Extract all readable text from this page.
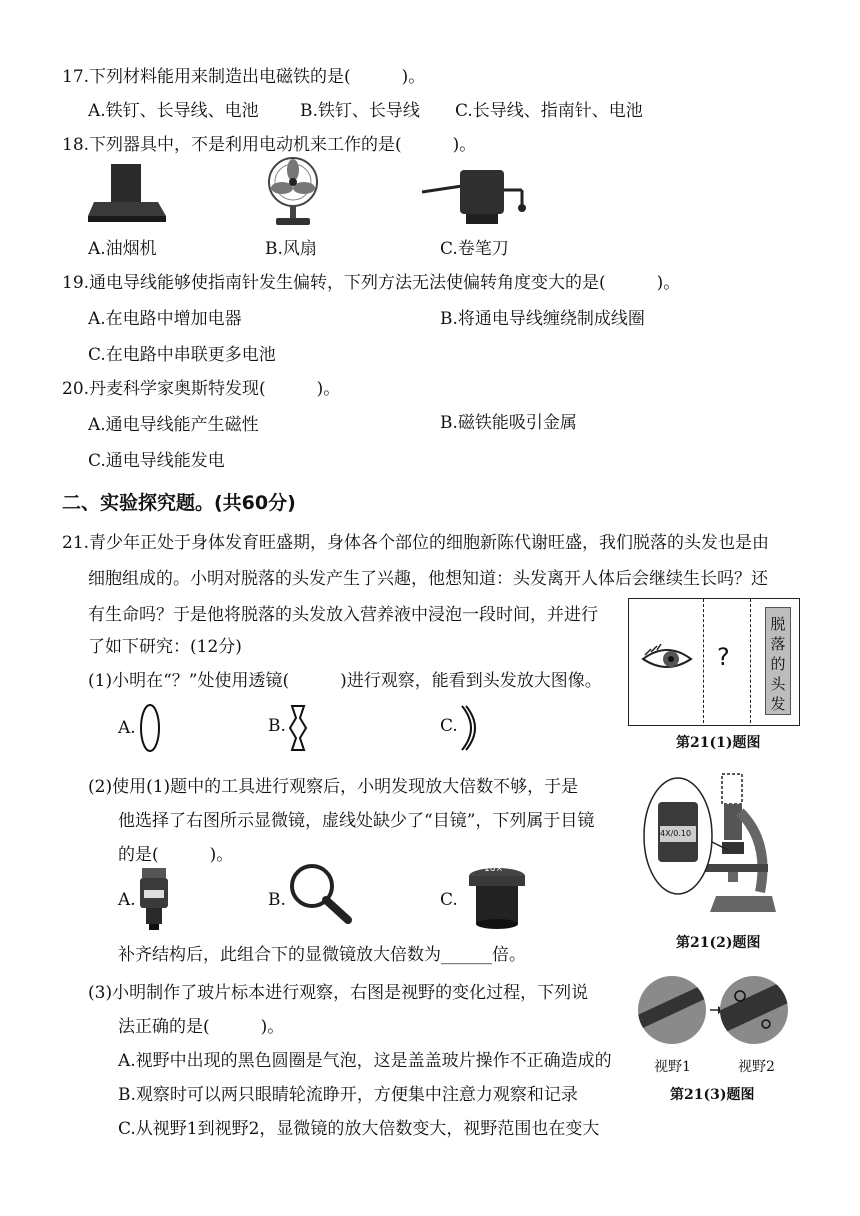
17.下列材料能用来制造出电磁铁的是(　　　)。
A.铁钉、长导线、电池 B.铁钉、长导线 C.长导线、指南针、电池
18.下列器具中，不是利用电动机来工作的是(　　　)。
A.油烟机	B.风扇	C.卷笔刀
19.通电导线能够使指南针发生偏转，下列方法无法使偏转角度变大的是(　　　)。
A.在电路中增加电器	B.将通电导线缠绕制成线圈
C.在电路中串联更多电池
20.丹麦科学家奥斯特发现(　　　)。
A.通电导线能产生磁性	B.磁铁能吸引金属
C.通电导线能发电
二、实验探究题。(共60分)
21.青少年正处于身体发育旺盛期，身体各个部位的细胞新陈代谢旺盛，我们脱落的头发也是由
细胞组成的。小明对脱落的头发产生了兴趣，他想知道：头发离开人体后会继续生长吗？还
有生命吗？于是他将脱落的头发放入营养液中浸泡一段时间，并进行
了如下研究：(12分)
(1)小明在“？”处使用透镜(　　　)进行观察，能看到头发放大图像。
A.	B.	C.
?
脱落的头发
第21(1)题图
(2)使用(1)题中的工具进行观察后，小明发现放大倍数不够，于是
他选择了右图所示显微镜，虚线处缺少了“目镜”，下列属于目镜
的是(　　　)。
A.	B.	C.
16×
补齐结构后，此组合下的显微镜放大倍数为______倍。
4X/0.10
第21(2)题图
(3)小明制作了玻片标本进行观察，右图是视野的变化过程，下列说
法正确的是(　　　)。
A.视野中出现的黑色圆圈是气泡，这是盖盖玻片操作不正确造成的
B.观察时可以两只眼睛轮流睁开，方便集中注意力观察和记录
C.从视野1到视野2，显微镜的放大倍数变大，视野范围也在变大
视野1	视野2
第21(3)题图
